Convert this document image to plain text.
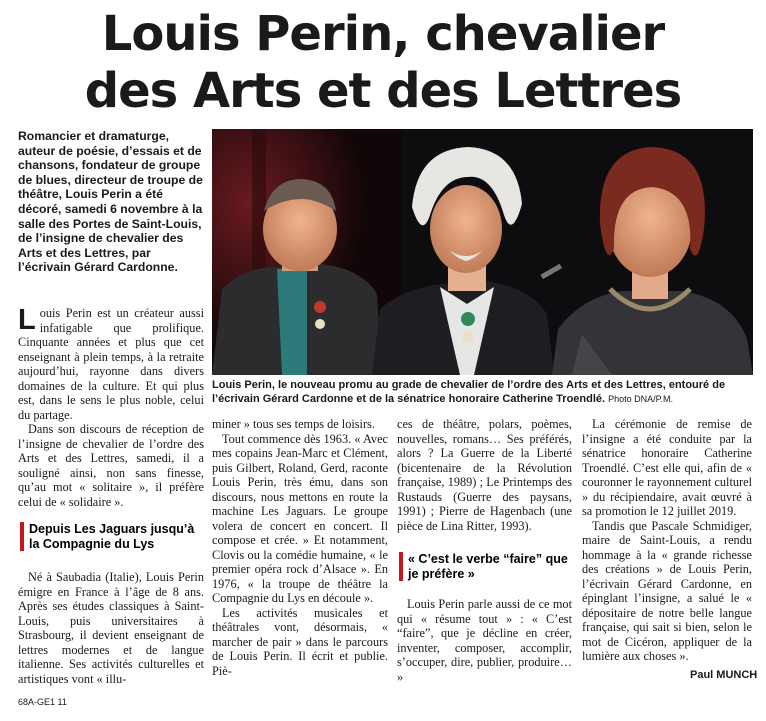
Louis Perin, chevalier
des Arts et des Lettres
Romancier et dramaturge, auteur de poésie, d’essais et de chansons, fondateur de groupe de blues, directeur de troupe de théâtre, Louis Perin a été décoré, samedi 6 novembre à la salle des Portes de Saint-Louis, de l’insigne de chevalier des Arts et des Lettres, par l’écrivain Gérard Cardonne.
L ouis Perin est un créateur aussi infatigable que prolifique. Cinquante années et plus que cet enseignant à plein temps, à la retraite aujourd’hui, rayonne dans divers domaines de la culture. Et qui plus est, dans le sens le plus noble, celui du partage.

Dans son discours de réception de l’insigne de chevalier de l’ordre des Arts et des Lettres, samedi, il a souligné ainsi, non sans finesse, qu’au mot « solitaire », il préfère celui de « solidaire ».

Depuis Les Jaguars jusqu’à la Compagnie du Lys

Né à Saubadia (Italie), Louis Perin émigre en France à l’âge de 8 ans. Après ses études classiques à Saint-Louis, puis universitaires à Strasbourg, il devient enseignant de lettres modernes et de langue italienne. Ses activités culturelles et artistiques vont « illu-

Louis Perin, le nouveau promu au grade de chevalier de l’ordre des Arts et des Lettres, entouré de l’écrivain Gérard Cardonne et de la sénatrice honoraire Catherine Troendlé. Photo DNA/P.M.

miner » tous ses temps de loisirs.

Tout commence dès 1963. « Avec mes copains Jean-Marc et Clément, puis Gilbert, Roland, Gerd, raconte Louis Perin, très ému, dans son discours, nous mettons en route la machine Les Jaguars. Le groupe volera de concert en concert. Il compose et crée. » Et notamment, Clovis ou la comédie humaine, « le premier opéra rock d’Alsace ». En 1976, « la troupe de théâtre la Compagnie du Lys en découle ».

Les activités musicales et théâtrales vont, désormais, « marcher de pair » dans le parcours de Louis Perin. Il écrit et publie. Piè-

ces de théâtre, polars, poèmes, nouvelles, romans… Ses préférés, alors ? La Guerre de la Liberté (bicentenaire de la Révolution française, 1989) ; Le Printemps des Rustauds (Guerre des paysans, 1991) ; Pierre de Hagenbach (une pièce de Lina Ritter, 1993).

« C’est le verbe “faire” que je préfère »

Louis Perin parle aussi de ce mot qui « résume tout » : « C’est “faire”, que je décline en créer, inventer, composer, accomplir, s’occuper, dire, publier, produire… »

La cérémonie de remise de l’insigne a été conduite par la sénatrice honoraire Catherine Troendlé. C’est elle qui, afin de « couronner le rayonnement culturel » du récipiendaire, avait œuvré à sa promotion le 12 juillet 2019.

Tandis que Pascale Schmidiger, maire de Saint-Louis, a rendu hommage à la « grande richesse des créations » de Louis Perin, l’écrivain Gérard Cardonne, en épinglant l’insigne, a salué le « dépositaire de notre belle langue française, qui sait si bien, selon le mot de Cicéron, appliquer de la lumière aux choses ».

Paul MUNCH
68A-GE1 11
